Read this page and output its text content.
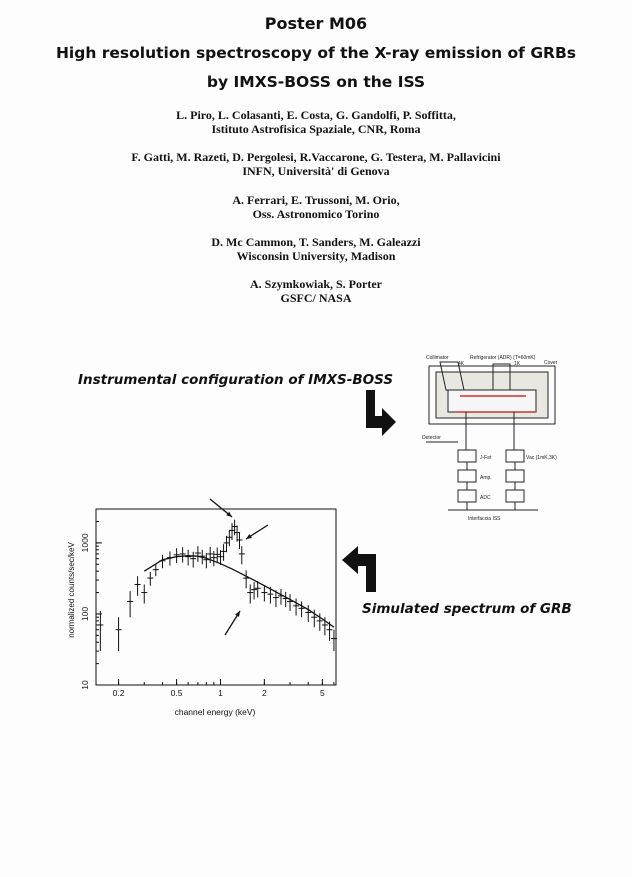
Poster M06
High resolution spectroscopy of the X-ray emission of GRBs
by IMXS-BOSS on the ISS
L. Piro, L. Colasanti, E. Costa, G. Gandolfi, P. Soffitta,
Istituto Astrofisica Spaziale, CNR, Roma
F. Gatti, M. Razeti, D. Pergolesi, R.Vaccarone, G. Testera, M. Pallavicini
INFN, Università' di Genova
A. Ferrari, E. Trussoni, M. Orio,
Oss. Astronomico Torino
D. Mc Cammon, T. Sanders, M. Galeazzi
Wisconsin University, Madison
A. Szymkowiak, S. Porter
GSFC/ NASA
Instrumental configuration of IMXS-BOSS
Simulated spectrum of GRB
Collimator	Refrigerator (ADR) (T=60mK)
Cover
4K	1K
Detector
J-Fet	Vac (1mK,3K)
Amp.
ADC
Interfaccia ISS
0.2	0.5	1	2	5
10
100
1000
channel energy (keV)
normalized counts/sec/keV
